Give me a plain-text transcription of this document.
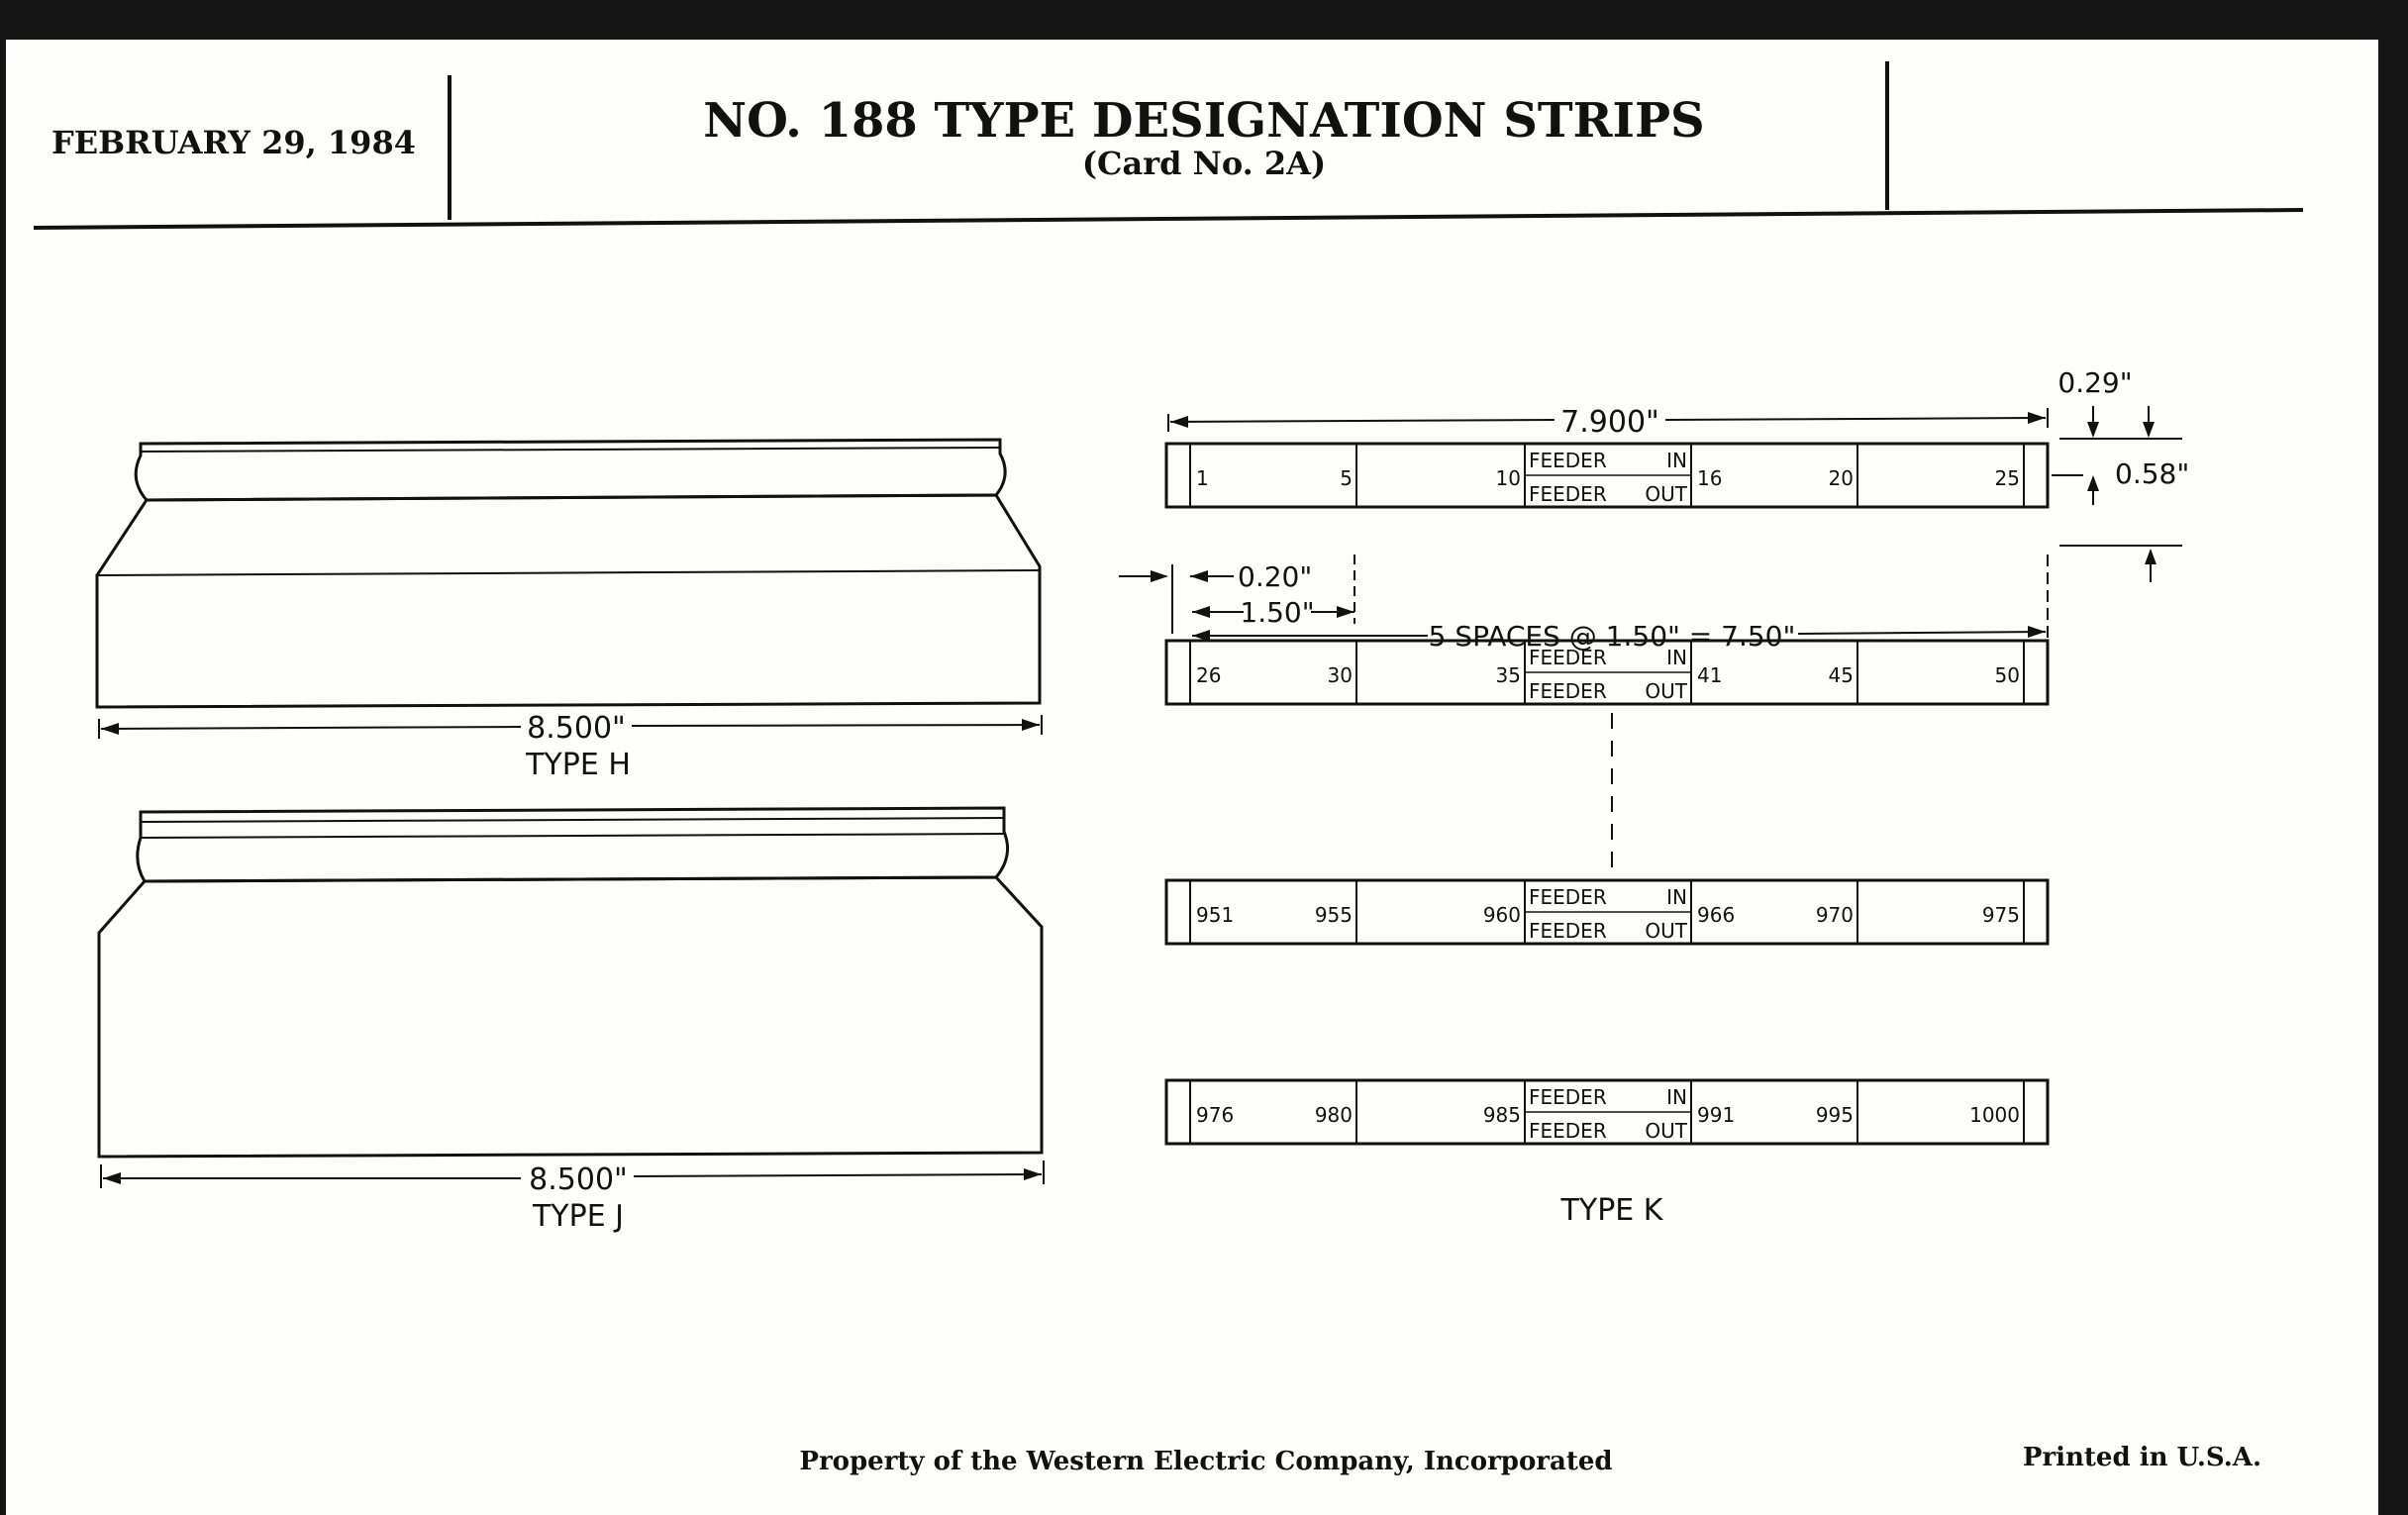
FEBRUARY 29, 1984	NO. 188 TYPE DESIGNATION STRIPS
(Card No. 2A)
8.500"
TYPE H
8.500"
TYPE J
7.900"
0.29"
0.58"
0.20"
1.50"
5 SPACES @ 1.50" = 7.50"
1	5	10	16	20	25
FEEDER	IN
FEEDER OUT
26	30	35	41	45	50
FEEDER	IN
FEEDER OUT
951	955	960	966	970	975
FEEDER	IN
FEEDER OUT
976	980	985	991	995	1000
FEEDER	IN
FEEDER OUT
TYPE K
Property of the Western Electric Company, Incorporated	Printed in U.S.A.
